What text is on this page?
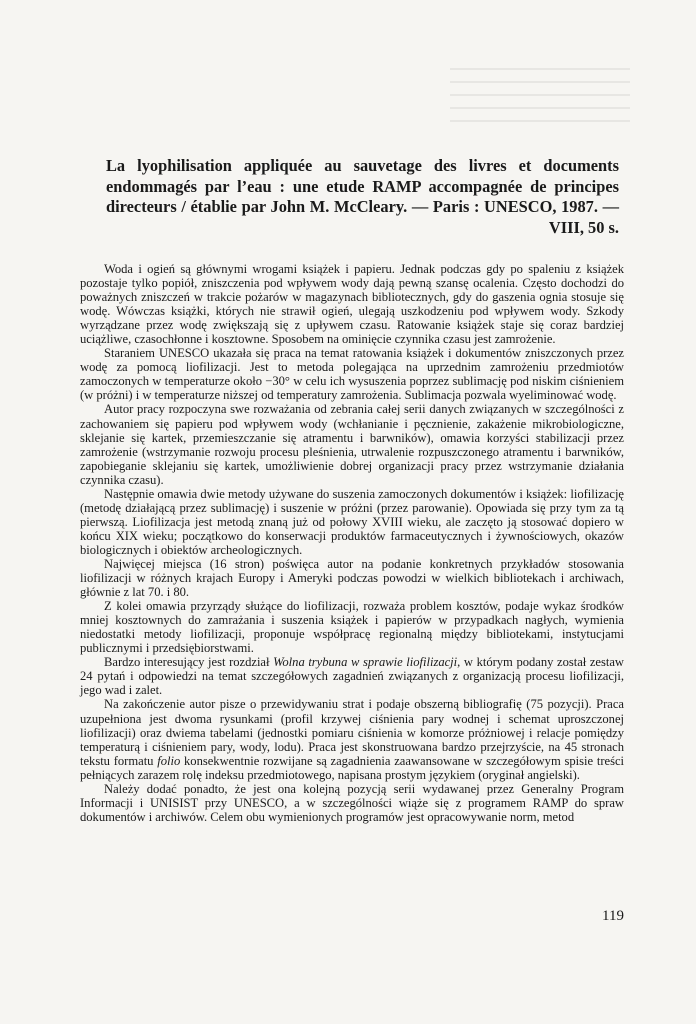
La lyophilisation appliquée au sauvetage des livres et documents endommagés par l’eau : une etude RAMP accompagnée de principes directeurs / établie par John M. McCleary. — Paris : UNESCO, 1987. — VIII, 50 s.

Woda i ogień są głównymi wrogami książek i papieru. Jednak podczas gdy po spaleniu z książek pozostaje tylko popiół, zniszczenia pod wpływem wody dają pewną szansę ocalenia. Często dochodzi do poważnych zniszczeń w trakcie pożarów w magazynach bibliotecznych, gdy do gaszenia ognia stosuje się wodę. Wówczas książki, których nie strawił ogień, ulegają uszkodzeniu pod wpływem wody. Szkody wyrządzane przez wodę zwiększają się z upływem czasu. Ratowanie książek staje się coraz bardziej uciążliwe, czasochłonne i kosztowne. Sposobem na ominięcie czynnika czasu jest zamrożenie.

Staraniem UNESCO ukazała się praca na temat ratowania książek i dokumentów zniszczonych przez wodę za pomocą liofilizacji. Jest to metoda polegająca na uprzednim zamrożeniu przedmiotów zamoczonych w temperaturze około −30° w celu ich wysuszenia poprzez sublimację pod niskim ciśnieniem (w próżni) i w temperaturze niższej od temperatury zamrożenia. Sublimacja pozwala wyeliminować wodę.

Autor pracy rozpoczyna swe rozważania od zebrania całej serii danych związanych w szczególności z zachowaniem się papieru pod wpływem wody (wchłanianie i pęcznienie, zakażenie mikrobiologiczne, sklejanie się kartek, przemieszczanie się atramentu i barwników), omawia korzyści stabilizacji przez zamrożenie (wstrzymanie rozwoju procesu pleśnienia, utrwalenie rozpuszczonego atramentu i barwników, zapobieganie sklejaniu się kartek, umożliwienie dobrej organizacji pracy przez wstrzymanie działania czynnika czasu).

Następnie omawia dwie metody używane do suszenia zamoczonych dokumentów i książek: liofilizację (metodę działającą przez sublimację) i suszenie w próżni (przez parowanie). Opowiada się przy tym za tą pierwszą. Liofilizacja jest metodą znaną już od połowy XVIII wieku, ale zaczęto ją stosować dopiero w końcu XIX wieku; początkowo do konserwacji produktów farmaceutycznych i żywnościowych, okazów biologicznych i obiektów archeologicznych.

Najwięcej miejsca (16 stron) poświęca autor na podanie konkretnych przykładów stosowania liofilizacji w różnych krajach Europy i Ameryki podczas powodzi w wielkich bibliotekach i archiwach, głównie z lat 70. i 80.

Z kolei omawia przyrządy służące do liofilizacji, rozważa problem kosztów, podaje wykaz środków mniej kosztownych do zamrażania i suszenia książek i papierów w przypadkach nagłych, wymienia niedostatki metody liofilizacji, proponuje współpracę regionalną między bibliotekami, instytucjami publicznymi i przedsiębiorstwami.

Bardzo interesujący jest rozdział Wolna trybuna w sprawie liofilizacji, w którym podany został zestaw 24 pytań i odpowiedzi na temat szczegółowych zagadnień związanych z organizacją procesu liofilizacji, jego wad i zalet.

Na zakończenie autor pisze o przewidywaniu strat i podaje obszerną bibliografię (75 pozycji). Praca uzupełniona jest dwoma rysunkami (profil krzywej ciśnienia pary wodnej i schemat uproszczonej liofilizacji) oraz dwiema tabelami (jednostki pomiaru ciśnienia w komorze próżniowej i relacje pomiędzy temperaturą i ciśnieniem pary, wody, lodu). Praca jest skonstruowana bardzo przejrzyście, na 45 stronach tekstu formatu folio konsekwentnie rozwijane są zagadnienia zaawansowane w szczegółowym spisie treści pełniących zarazem rolę indeksu przedmiotowego, napisana prostym językiem (oryginał angielski).

Należy dodać ponadto, że jest ona kolejną pozycją serii wydawanej przez Generalny Program Informacji i UNISIST przy UNESCO, a w szczególności wiąże się z programem RAMP do spraw dokumentów i archiwów. Celem obu wymienionych programów jest opracowywanie norm, metod

119
